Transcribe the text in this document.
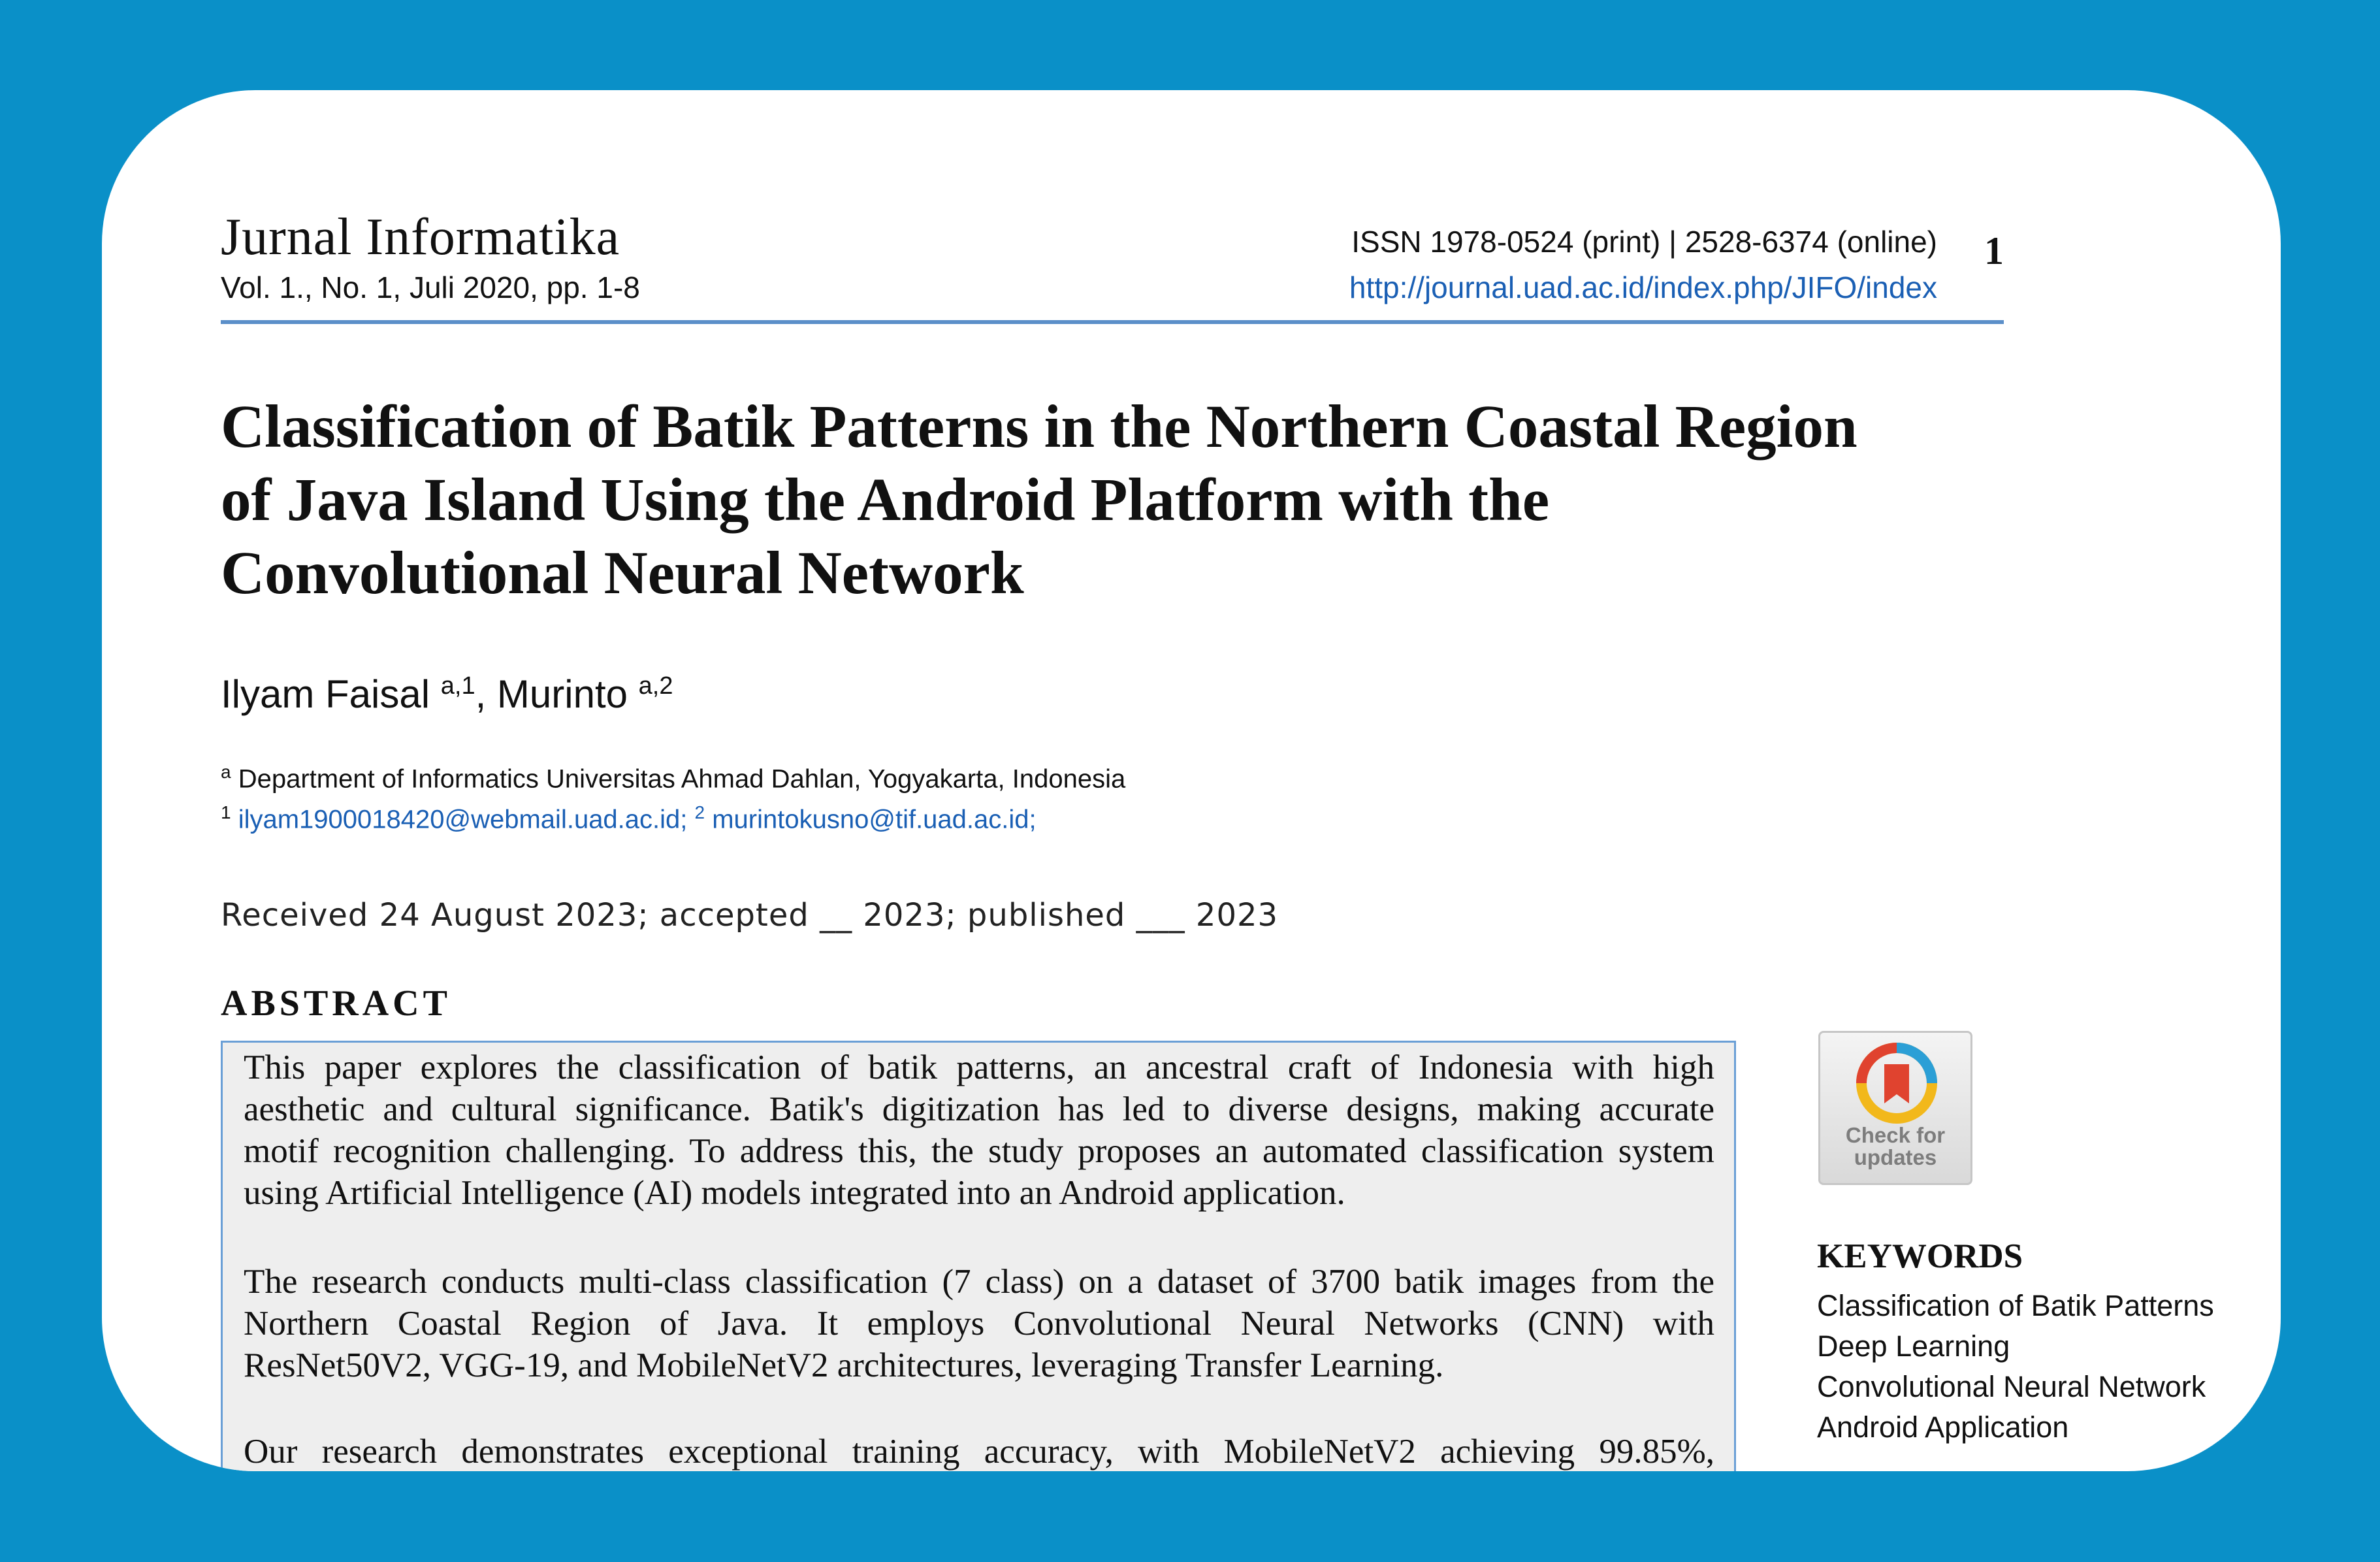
Jurnal Informatika
Vol. 1., No. 1, Juli 2020, pp. 1-8
ISSN 1978-0524 (print) | 2528-6374 (online)
http://journal.uad.ac.id/index.php/JIFO/index
1
Classification of Batik Patterns in the Northern Coastal Region
of Java Island Using the Android Platform with the
Convolutional Neural Network
Ilyam Faisal $^{a,1}$, Murinto $^{a,2}$
$^a$ Department of Informatics Universitas Ahmad Dahlan, Yogyakarta, Indonesia
$^1$ ilyam1900018420@webmail.uad.ac.id; $^2$ murintokusno@tif.uad.ac.id;
Received 24 August 2023; accepted __ 2023; published ___ 2023
ABSTRACT
This paper explores the classification of batik patterns, an ancestral craft of Indonesia with high
aesthetic and cultural significance. Batik's digitization has led to diverse designs, making accurate
motif recognition challenging. To address this, the study proposes an automated classification system
using Artificial Intelligence (AI) models integrated into an Android application.
The research conducts multi-class classification (7 class) on a dataset of 3700 batik images from the
Northern Coastal Region of Java. It employs Convolutional Neural Networks (CNN) with
ResNet50V2, VGG-19, and MobileNetV2 architectures, leveraging Transfer Learning.
Our research demonstrates exceptional training accuracy, with MobileNetV2 achieving 99.85%,
Check for
updates
KEYWORDS
Classification of Batik Patterns
Deep Learning
Convolutional Neural Network
Android Application
